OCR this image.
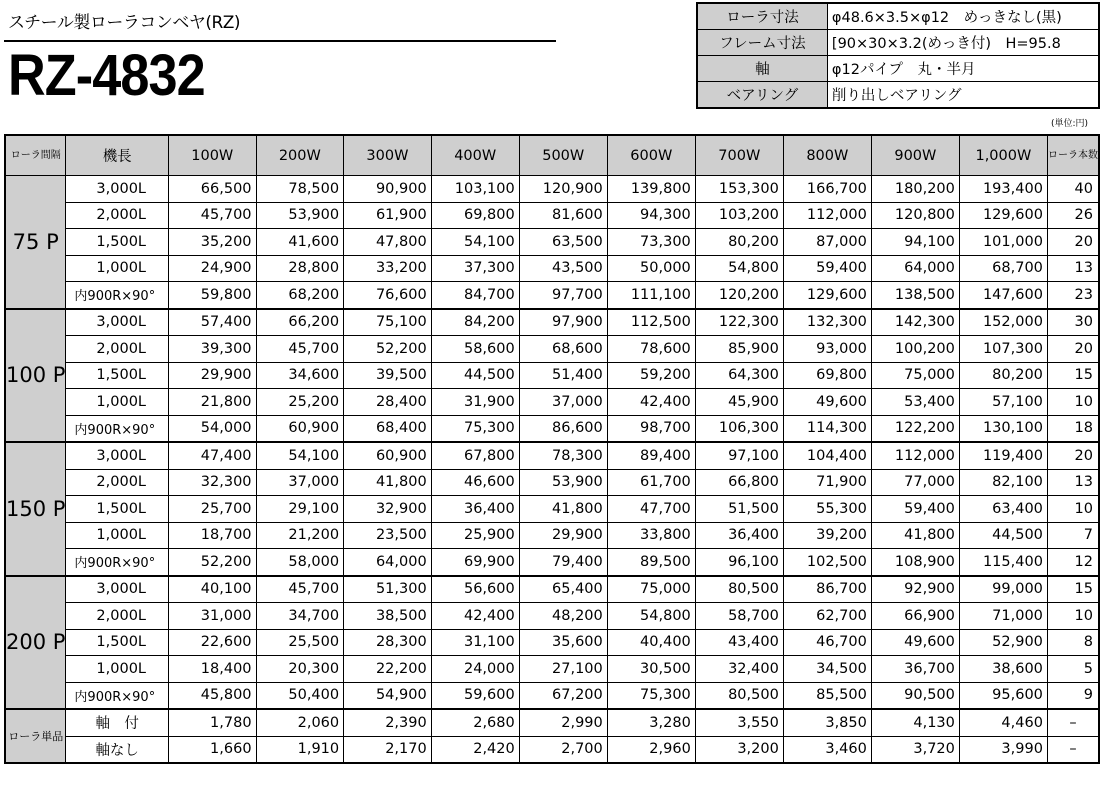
スチール製ローラコンベヤ(RZ)
RZ-4832
ローラ寸法	φ48.6×3.5×φ12　めっきなし(黒)
フレーム寸法	[90×30×3.2(めっき付)　H=95.8
軸	φ12パイプ　丸・半月
ベアリング	削り出しベアリング
(単位:円)
ローラ間隔	機長	100W	200W	300W	400W	500W	600W	700W	800W	900W	1,000W	ローラ本数
75 P	3,000L	66,500	78,500	90,900	103,100	120,900	139,800	153,300	166,700	180,200	193,400	40
	2,000L	45,700	53,900	61,900	69,800	81,600	94,300	103,200	112,000	120,800	129,600	26
	1,500L	35,200	41,600	47,800	54,100	63,500	73,300	80,200	87,000	94,100	101,000	20
	1,000L	24,900	28,800	33,200	37,300	43,500	50,000	54,800	59,400	64,000	68,700	13
	内900R×90°	59,800	68,200	76,600	84,700	97,700	111,100	120,200	129,600	138,500	147,600	23
100 P	3,000L	57,400	66,200	75,100	84,200	97,900	112,500	122,300	132,300	142,300	152,000	30
	2,000L	39,300	45,700	52,200	58,600	68,600	78,600	85,900	93,000	100,200	107,300	20
	1,500L	29,900	34,600	39,500	44,500	51,400	59,200	64,300	69,800	75,000	80,200	15
	1,000L	21,800	25,200	28,400	31,900	37,000	42,400	45,900	49,600	53,400	57,100	10
	内900R×90°	54,000	60,900	68,400	75,300	86,600	98,700	106,300	114,300	122,200	130,100	18
150 P	3,000L	47,400	54,100	60,900	67,800	78,300	89,400	97,100	104,400	112,000	119,400	20
	2,000L	32,300	37,000	41,800	46,600	53,900	61,700	66,800	71,900	77,000	82,100	13
	1,500L	25,700	29,100	32,900	36,400	41,800	47,700	51,500	55,300	59,400	63,400	10
	1,000L	18,700	21,200	23,500	25,900	29,900	33,800	36,400	39,200	41,800	44,500	7
	内900R×90°	52,200	58,000	64,000	69,900	79,400	89,500	96,100	102,500	108,900	115,400	12
200 P	3,000L	40,100	45,700	51,300	56,600	65,400	75,000	80,500	86,700	92,900	99,000	15
	2,000L	31,000	34,700	38,500	42,400	48,200	54,800	58,700	62,700	66,900	71,000	10
	1,500L	22,600	25,500	28,300	31,100	35,600	40,400	43,400	46,700	49,600	52,900	8
	1,000L	18,400	20,300	22,200	24,000	27,100	30,500	32,400	34,500	36,700	38,600	5
	内900R×90°	45,800	50,400	54,900	59,600	67,200	75,300	80,500	85,500	90,500	95,600	9
ローラ単品	軸　付	1,780	2,060	2,390	2,680	2,990	3,280	3,550	3,850	4,130	4,460	–
	軸なし	1,660	1,910	2,170	2,420	2,700	2,960	3,200	3,460	3,720	3,990	–
